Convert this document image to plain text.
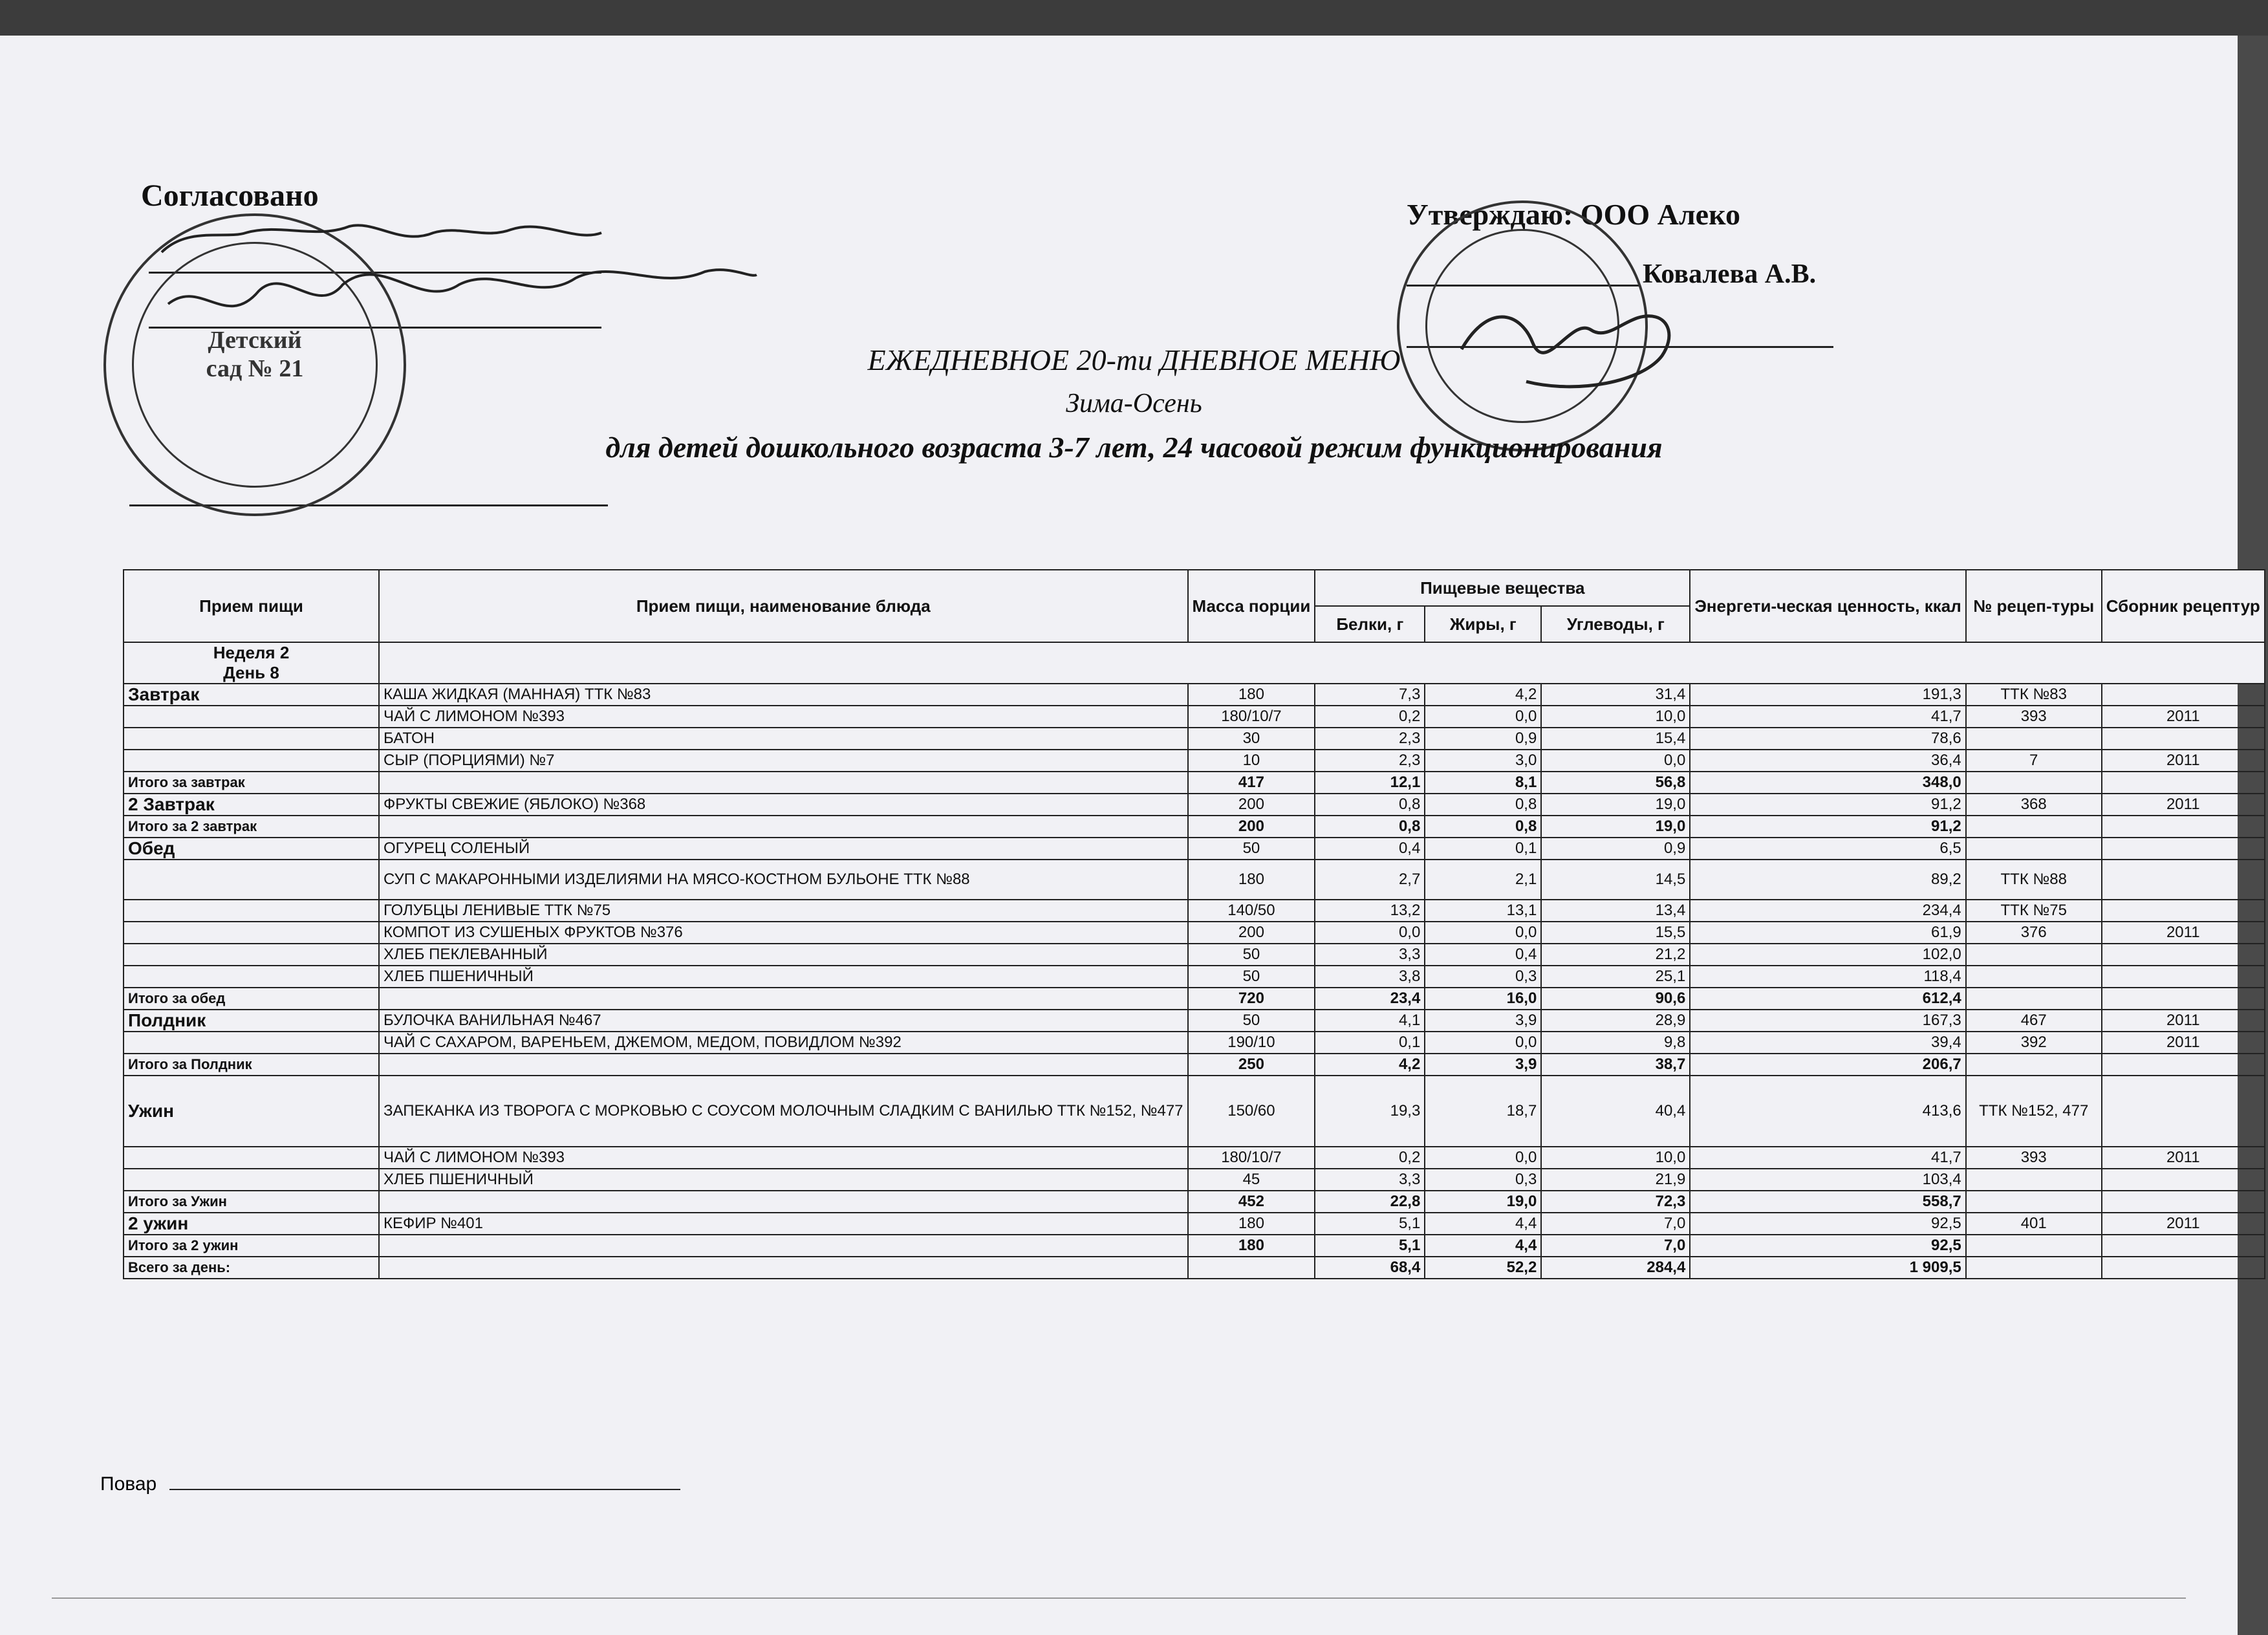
Согласовано
Детский сад № 21
Утверждаю: ООО Алеко
Ковалева А.В.
ЕЖЕДНЕВНОЕ 20-ти ДНЕВНОЕ МЕНЮ
Зима-Осень
для детей дошкольного возраста 3-7 лет, 24 часовой режим функционирования
Прием пищи	Прием пищи, наименование блюда	Масса порции	Пищевые вещества			Энергети-ческая ценность, ккал	№ рецеп-туры	Сборник рецептур
			Белки, г	Жиры, г	Углеводы, г			
Неделя 2
День 8								
Завтрак	КАША ЖИДКАЯ (МАННАЯ) ТТК №83	180	7,3	4,2	31,4	191,3	ТТК №83	
	ЧАЙ С ЛИМОНОМ №393	180/10/7	0,2	0,0	10,0	41,7	393	2011
	БАТОН	30	2,3	0,9	15,4	78,6		
	СЫР (ПОРЦИЯМИ) №7	10	2,3	3,0	0,0	36,4	7	2011
Итого за завтрак		417	12,1	8,1	56,8	348,0		
2 Завтрак	ФРУКТЫ СВЕЖИЕ (ЯБЛОКО) №368	200	0,8	0,8	19,0	91,2	368	2011
Итого за 2 завтрак		200	0,8	0,8	19,0	91,2		
Обед	ОГУРЕЦ СОЛЕНЫЙ	50	0,4	0,1	0,9	6,5		
	СУП С МАКАРОННЫМИ ИЗДЕЛИЯМИ НА МЯСО-КОСТНОМ БУЛЬОНЕ ТТК №88	180	2,7	2,1	14,5	89,2	ТТК №88	
	ГОЛУБЦЫ ЛЕНИВЫЕ ТТК №75	140/50	13,2	13,1	13,4	234,4	ТТК №75	
	КОМПОТ ИЗ СУШЕНЫХ ФРУКТОВ №376	200	0,0	0,0	15,5	61,9	376	2011
	ХЛЕБ ПЕКЛЕВАННЫЙ	50	3,3	0,4	21,2	102,0		
	ХЛЕБ ПШЕНИЧНЫЙ	50	3,8	0,3	25,1	118,4		
Итого за обед		720	23,4	16,0	90,6	612,4		
Полдник	БУЛОЧКА ВАНИЛЬНАЯ №467	50	4,1	3,9	28,9	167,3	467	2011
	ЧАЙ С САХАРОМ, ВАРЕНЬЕМ, ДЖЕМОМ, МЕДОМ, ПОВИДЛОМ №392	190/10	0,1	0,0	9,8	39,4	392	2011
Итого за Полдник		250	4,2	3,9	38,7	206,7		
Ужин	ЗАПЕКАНКА ИЗ ТВОРОГА С МОРКОВЬЮ С СОУСОМ МОЛОЧНЫМ СЛАДКИМ С ВАНИЛЬЮ ТТК №152, №477	150/60	19,3	18,7	40,4	413,6	ТТК №152, 477	
	ЧАЙ С ЛИМОНОМ №393	180/10/7	0,2	0,0	10,0	41,7	393	2011
	ХЛЕБ ПШЕНИЧНЫЙ	45	3,3	0,3	21,9	103,4		
Итого за Ужин		452	22,8	19,0	72,3	558,7		
2 ужин	КЕФИР №401	180	5,1	4,4	7,0	92,5	401	2011
Итого за 2 ужин		180	5,1	4,4	7,0	92,5		
Всего за день:			68,4	52,2	284,4	1 909,5		
Повар
